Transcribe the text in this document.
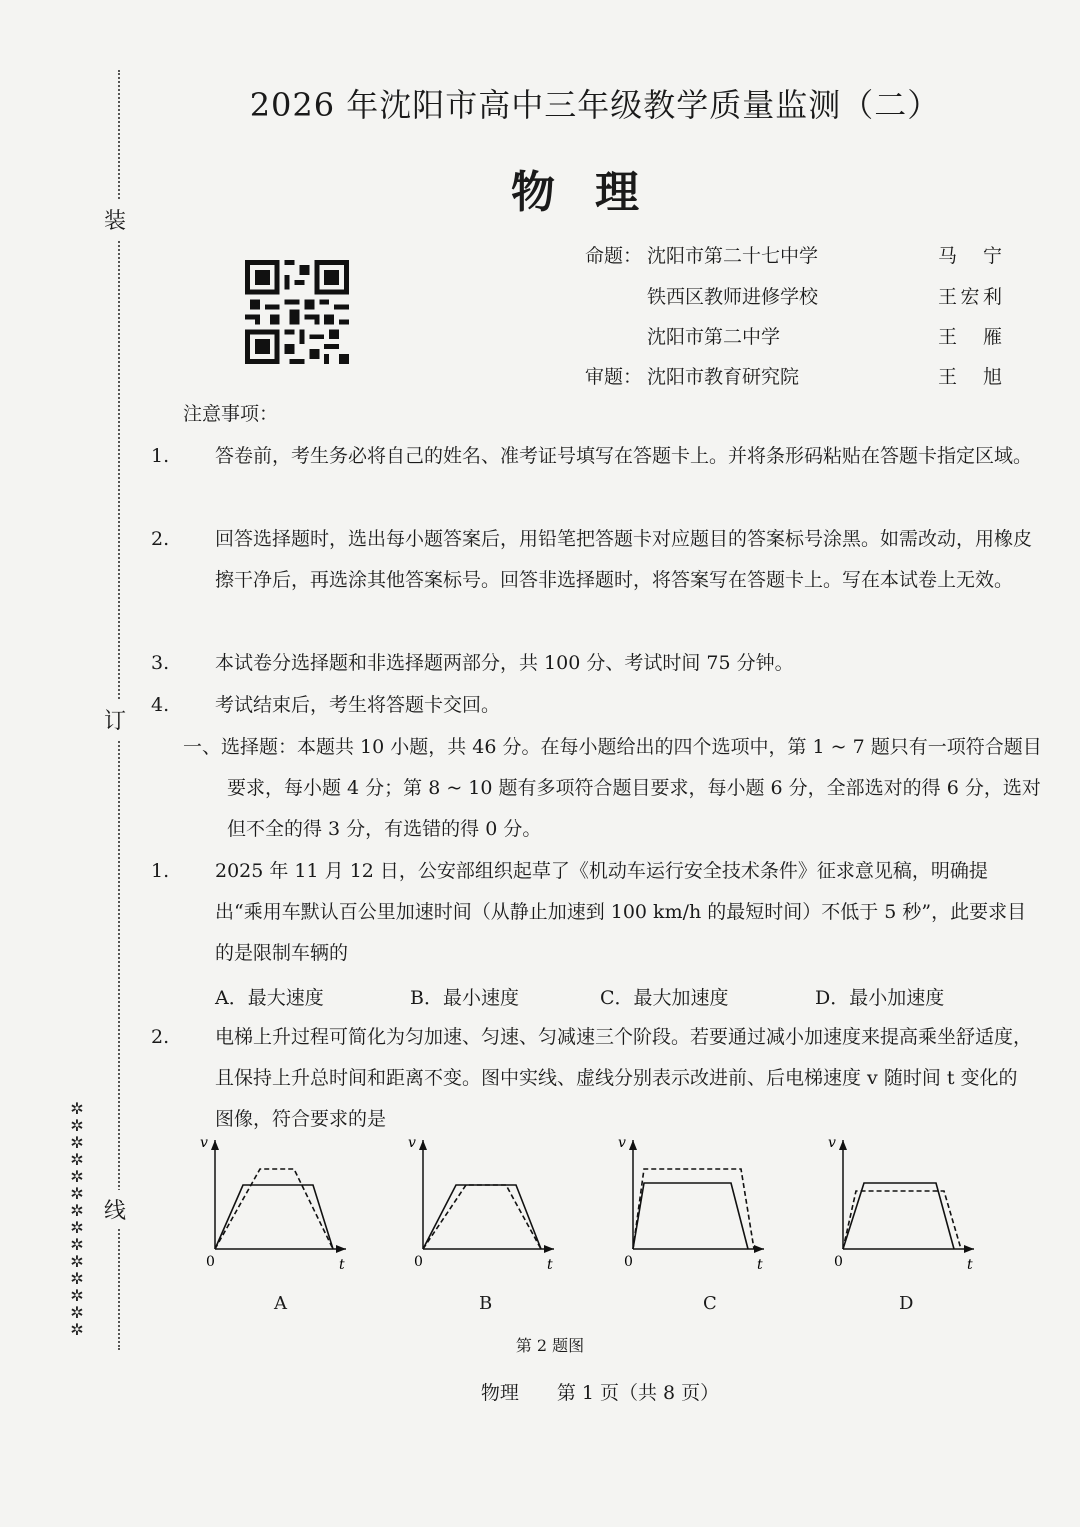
装
订
线
✲
✲
✲
✲
✲
✲
✲
✲
✲
✲
✲
✲
✲
✲
2026 年沈阳市高中三年级教学质量监测（二）
物理
命题： 沈阳市第二十七中学	马 宁
铁西区教师进修学校	王宏利
沈阳市第二中学	王 雁
审题： 沈阳市教育研究院	王 旭
注意事项：
1. 答卷前，考生务必将自己的姓名、准考证号填写在答题卡上。并将条形码粘贴在答题卡指定区域。
2. 回答选择题时，选出每小题答案后，用铅笔把答题卡对应题目的答案标号涂黑。如需改动，用橡皮擦干净后，再选涂其他答案标号。回答非选择题时，将答案写在答题卡上。写在本试卷上无效。
3. 本试卷分选择题和非选择题两部分，共 100 分、考试时间 75 分钟。
4. 考试结束后，考生将答题卡交回。
一、选择题：本题共 10 小题，共 46 分。在每小题给出的四个选项中，第 1 ~ 7 题只有一项符合题目要求，每小题 4 分；第 8 ~ 10 题有多项符合题目要求，每小题 6 分，全部选对的得 6 分，选对但不全的得 3 分，有选错的得 0 分。
1. 2025 年 11 月 12 日，公安部组织起草了《机动车运行安全技术条件》征求意见稿，明确提出“乘用车默认百公里加速时间（从静止加速到 100 km/h 的最短时间）不低于 5 秒”，此要求目的是限制车辆的
A．最大速度	B．最小速度	C．最大加速度	D．最小加速度
2. 电梯上升过程可简化为匀加速、匀速、匀减速三个阶段。若要通过减小加速度来提高乘坐舒适度，且保持上升总时间和距离不变。图中实线、虚线分别表示改进前、后电梯速度 v 随时间 t 变化的图像，符合要求的是
v
t
0
v
t
0
v
t
0
v
t
0
A	B	C	D
第 2 题图
物理　　第 1 页（共 8 页）
